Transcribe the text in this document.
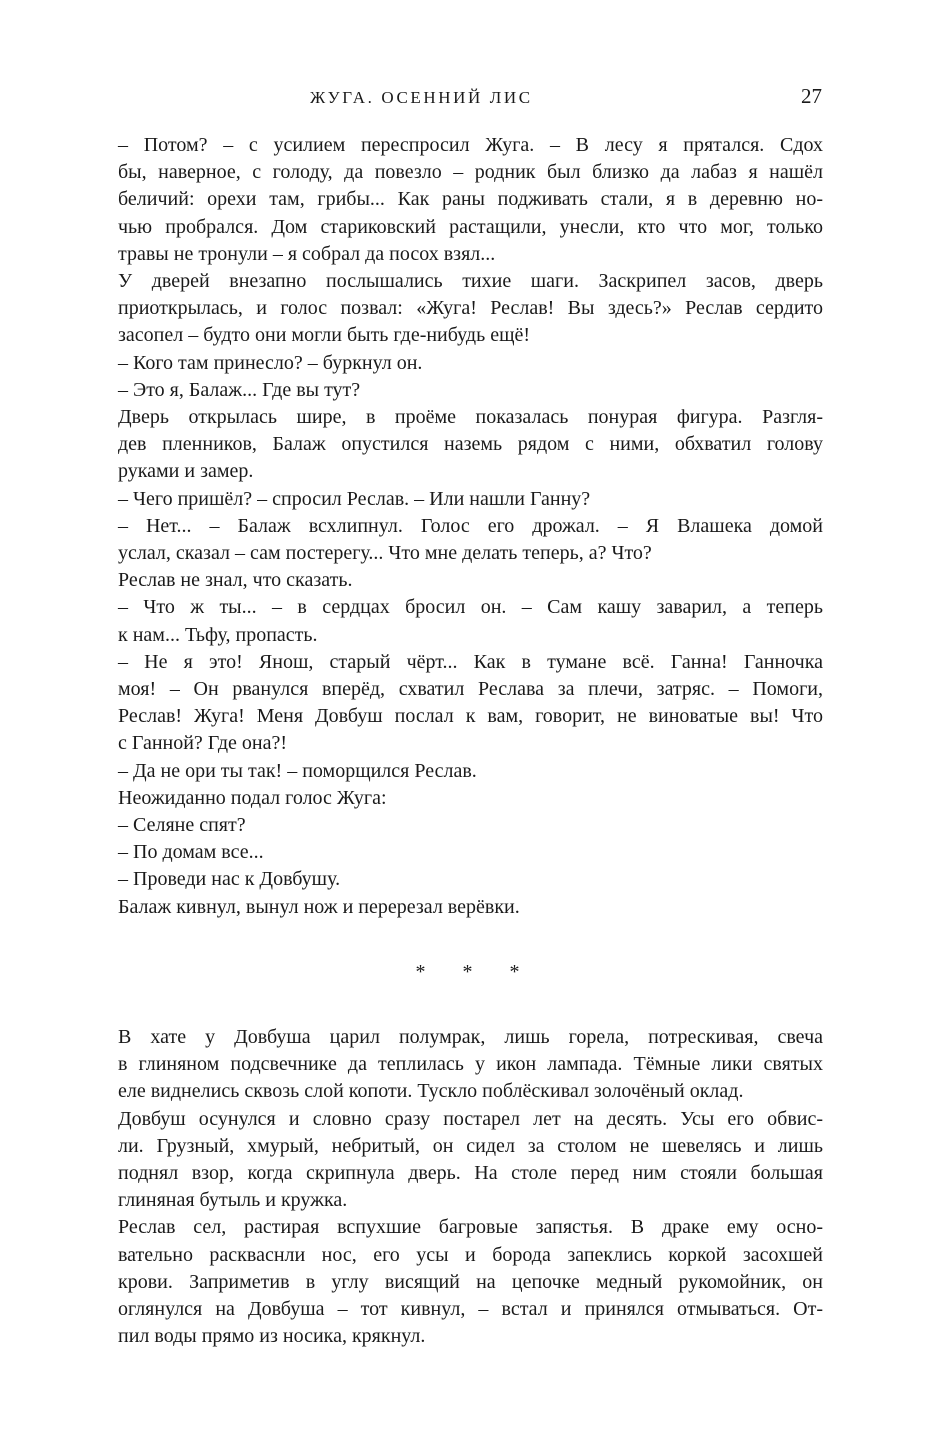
ЖУГА. ОСЕННИЙ ЛИС	27
– Потом? – с усилием переспросил Жуга. – В лесу я прятался. Сдох
бы, наверное, с голоду, да повезло – родник был близко да лабаз я нашёл
беличий: орехи там, грибы... Как раны подживать стали, я в деревню но-
чью пробрался. Дом стариковский растащили, унесли, кто что мог, только
травы не тронули – я собрал да посох взял...
У дверей внезапно послышались тихие шаги. Заскрипел засов, дверь
приоткрылась, и голос позвал: «Жуга! Реслав! Вы здесь?» Реслав сердито
засопел – будто они могли быть где-нибудь ещё!
– Кого там принесло? – буркнул он.
– Это я, Балаж... Где вы тут?
Дверь открылась шире, в проёме показалась понурая фигура. Разгля-
дев пленников, Балаж опустился наземь рядом с ними, обхватил голову
руками и замер.
– Чего пришёл? – спросил Реслав. – Или нашли Ганну?
– Нет... – Балаж всхлипнул. Голос его дрожал. – Я Влашека домой
услал, сказал – сам постерегу... Что мне делать теперь, а? Что?
Реслав не знал, что сказать.
– Что ж ты... – в сердцах бросил он. – Сам кашу заварил, а теперь
к нам... Тьфу, пропасть.
– Не я это! Янош, старый чёрт... Как в тумане всё. Ганна! Ганночка
моя! – Он рванулся вперёд, схватил Реслава за плечи, затряс. – Помоги,
Реслав! Жуга! Меня Довбуш послал к вам, говорит, не виноватые вы! Что
с Ганной? Где она?!
– Да не ори ты так! – поморщился Реслав.
Неожиданно подал голос Жуга:
– Селяне спят?
– По домам все...
– Проведи нас к Довбушу.
Балаж кивнул, вынул нож и перерезал верёвки.
* * *
В хате у Довбуша царил полумрак, лишь горела, потрескивая, свеча
в глиняном подсвечнике да теплилась у икон лампада. Тёмные лики святых
еле виднелись сквозь слой копоти. Тускло поблёскивал золочёный оклад.
Довбуш осунулся и словно сразу постарел лет на десять. Усы его обвис-
ли. Грузный, хмурый, небритый, он сидел за столом не шевелясь и лишь
поднял взор, когда скрипнула дверь. На столе перед ним стояли большая
глиняная бутыль и кружка.
Реслав сел, растирая вспухшие багровые запястья. В драке ему осно-
вательно раскваснли нос, его усы и борода запеклись коркой засохшей
крови. Заприметив в углу висящий на цепочке медный рукомойник, он
оглянулся на Довбуша – тот кивнул, – встал и принялся отмываться. От-
пил воды прямо из носика, крякнул.
